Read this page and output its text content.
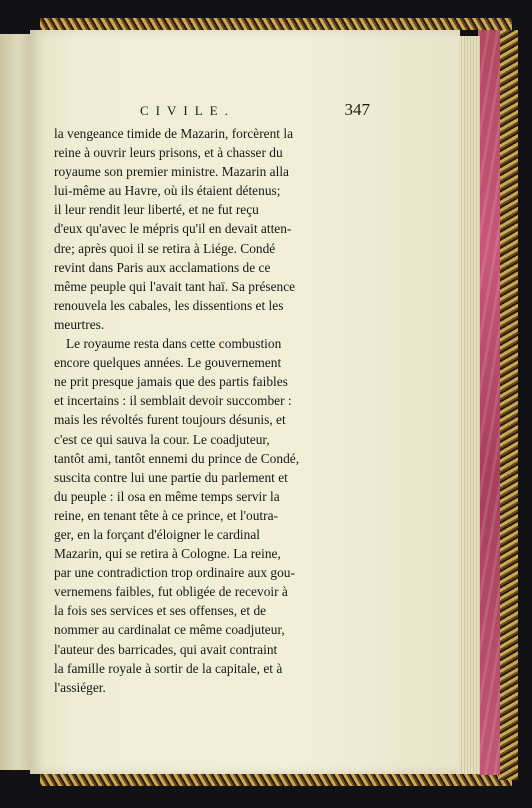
CIVILE.	347
la vengeance timide de Mazarin, forcèrent la
reine à ouvrir leurs prisons, et à chasser du
royaume son premier ministre. Mazarin alla
lui-même au Havre, où ils étaient détenus;
il leur rendit leur liberté, et ne fut reçu
d'eux qu'avec le mépris qu'il en devait atten-
dre; après quoi il se retira à Liége. Condé
revint dans Paris aux acclamations de ce
même peuple qui l'avait tant haï. Sa présence
renouvela les cabales, les dissentions et les
meurtres.
Le royaume resta dans cette combustion
encore quelques années. Le gouvernement
ne prit presque jamais que des partis faibles
et incertains : il semblait devoir succomber :
mais les révoltés furent toujours désunis, et
c'est ce qui sauva la cour. Le coadjuteur,
tantôt ami, tantôt ennemi du prince de Condé,
suscita contre lui une partie du parlement et
du peuple : il osa en même temps servir la
reine, en tenant tête à ce prince, et l'outra-
ger, en la forçant d'éloigner le cardinal
Mazarin, qui se retira à Cologne. La reine,
par une contradiction trop ordinaire aux gou-
vernemens faibles, fut obligée de recevoir à
la fois ses services et ses offenses, et de
nommer au cardinalat ce même coadjuteur,
l'auteur des barricades, qui avait contraint
la famille royale à sortir de la capitale, et à
l'assiéger.
